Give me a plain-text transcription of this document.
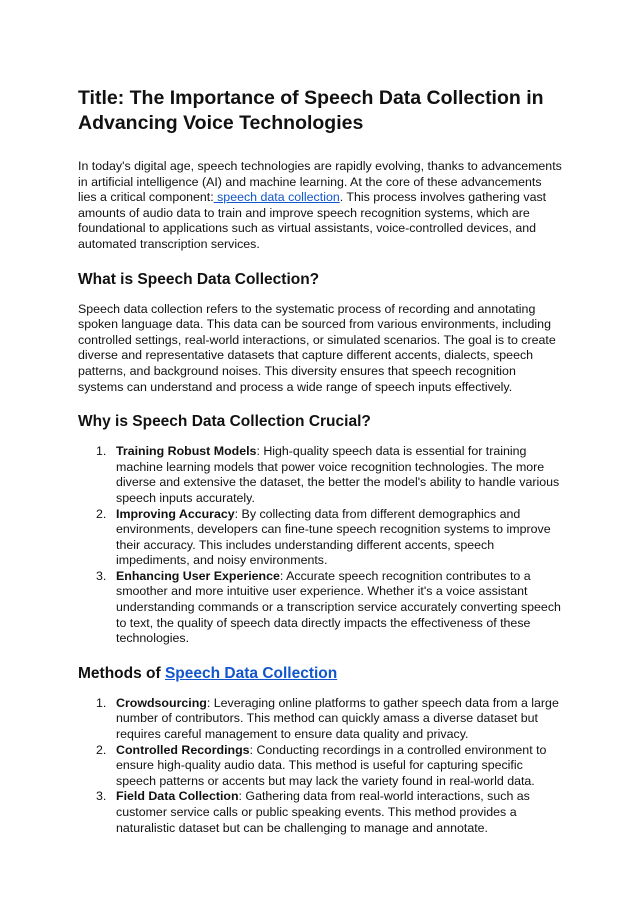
Title: The Importance of Speech Data Collection in Advancing Voice Technologies

In today's digital age, speech technologies are rapidly evolving, thanks to advancements in artificial intelligence (AI) and machine learning. At the core of these advancements lies a critical component: speech data collection. This process involves gathering vast amounts of audio data to train and improve speech recognition systems, which are foundational to applications such as virtual assistants, voice-controlled devices, and automated transcription services.

What is Speech Data Collection?

Speech data collection refers to the systematic process of recording and annotating spoken language data. This data can be sourced from various environments, including controlled settings, real-world interactions, or simulated scenarios. The goal is to create diverse and representative datasets that capture different accents, dialects, speech patterns, and background noises. This diversity ensures that speech recognition systems can understand and process a wide range of speech inputs effectively.

Why is Speech Data Collection Crucial?
1. Training Robust Models: High-quality speech data is essential for training machine learning models that power voice recognition technologies. The more diverse and extensive the dataset, the better the model's ability to handle various speech inputs accurately.
2. Improving Accuracy: By collecting data from different demographics and environments, developers can fine-tune speech recognition systems to improve their accuracy. This includes understanding different accents, speech impediments, and noisy environments.
3. Enhancing User Experience: Accurate speech recognition contributes to a smoother and more intuitive user experience. Whether it's a voice assistant understanding commands or a transcription service accurately converting speech to text, the quality of speech data directly impacts the effectiveness of these technologies.
Methods of Speech Data Collection
1. Crowdsourcing: Leveraging online platforms to gather speech data from a large number of contributors. This method can quickly amass a diverse dataset but requires careful management to ensure data quality and privacy.
2. Controlled Recordings: Conducting recordings in a controlled environment to ensure high-quality audio data. This method is useful for capturing specific speech patterns or accents but may lack the variety found in real-world data.
3. Field Data Collection: Gathering data from real-world interactions, such as customer service calls or public speaking events. This method provides a naturalistic dataset but can be challenging to manage and annotate.
